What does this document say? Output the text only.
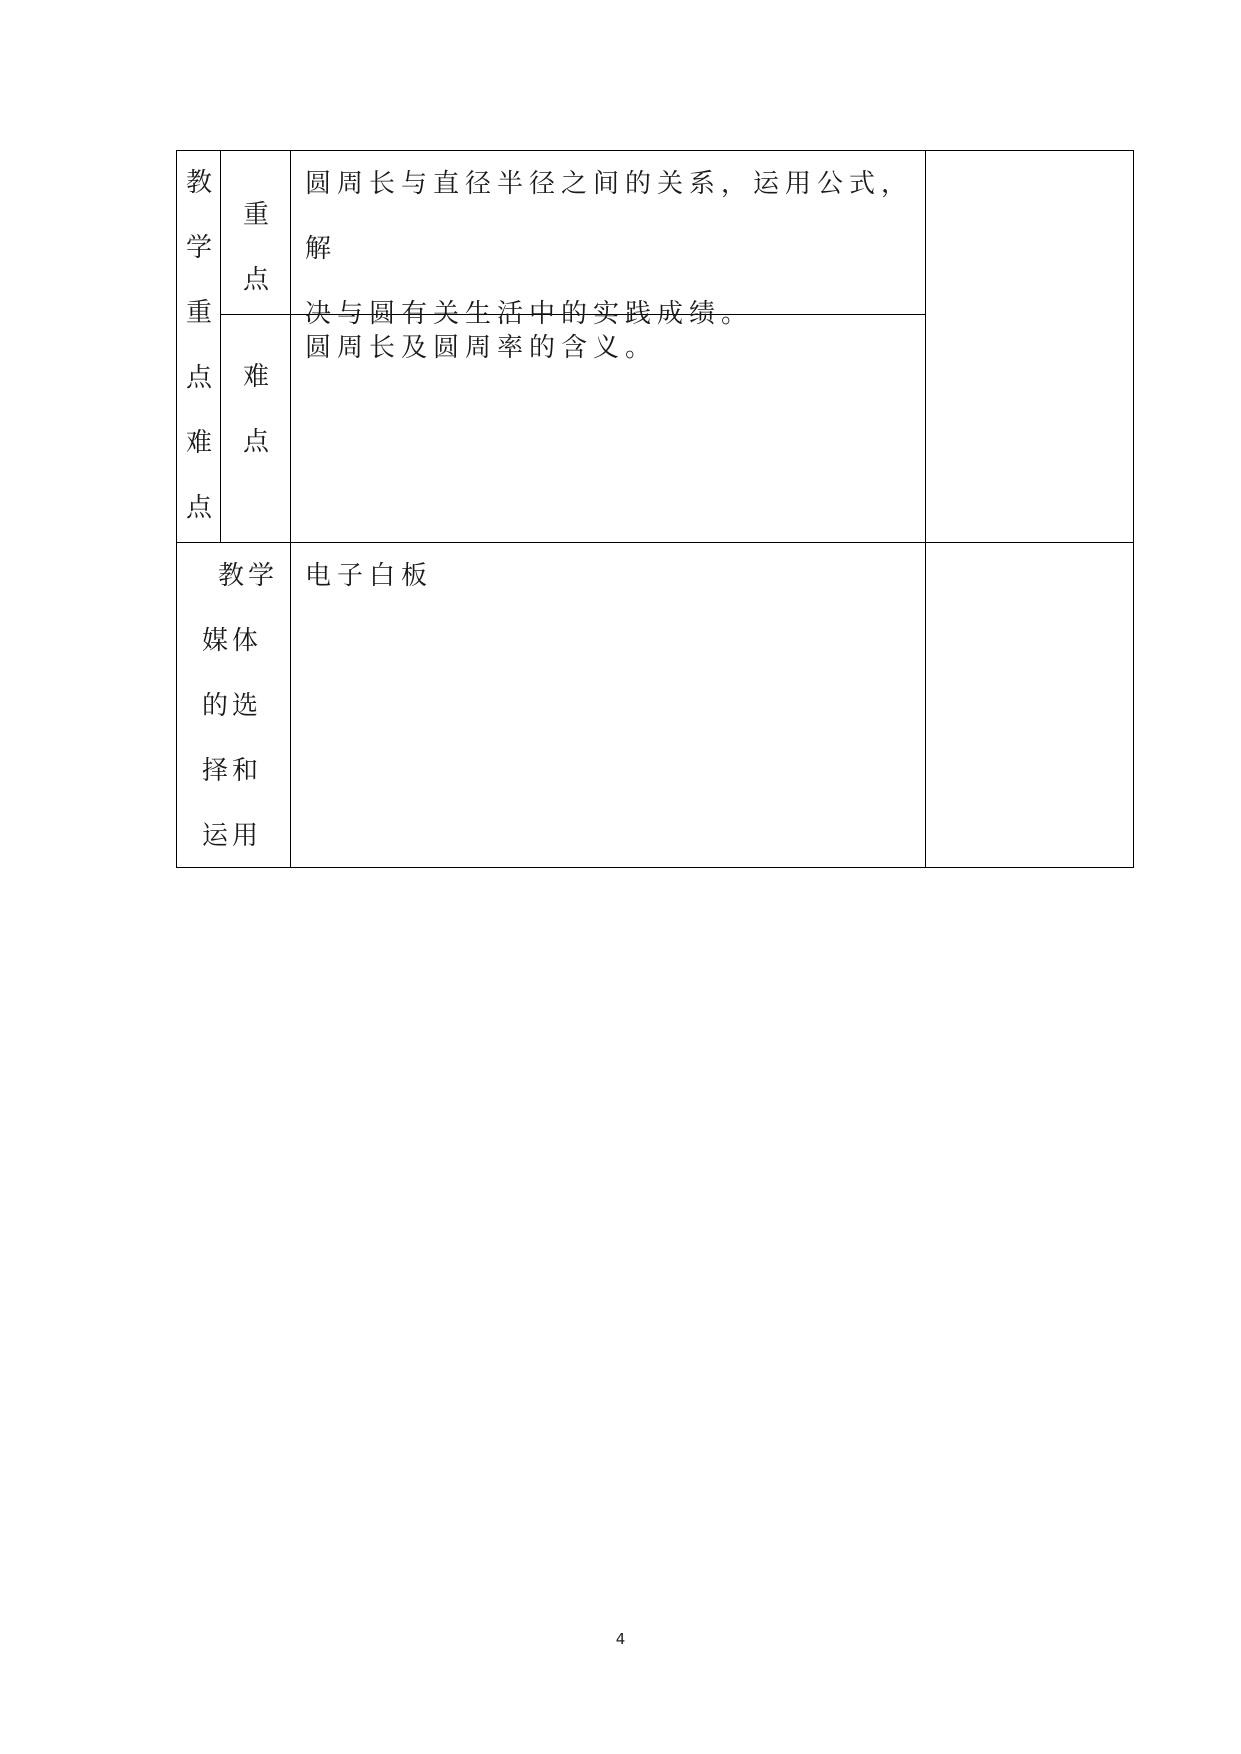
教
学
重
点
难
点
重
点
圆周长与直径半径之间的关系，运用公式，解
决与圆有关生活中的实践成绩。
难
点
圆周长及圆周率的含义。
教学
媒体
的选
择和
运用
电子白板
4
